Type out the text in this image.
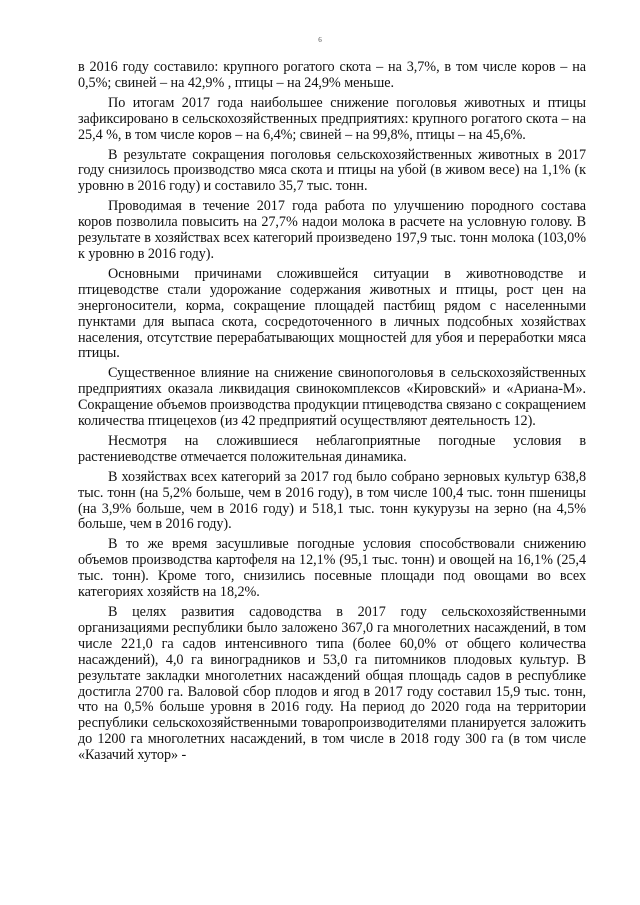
6

в 2016 году составило: крупного рогатого скота – на 3,7%, в том числе коров – на 0,5%; свиней – на 42,9% , птицы – на 24,9% меньше.

По итогам 2017 года наибольшее снижение поголовья животных и птицы зафиксировано в сельскохозяйственных предприятиях: крупного рогатого скота – на 25,4 %, в том числе коров – на 6,4%; свиней – на 99,8%, птицы – на 45,6%.

В результате сокращения поголовья сельскохозяйственных животных в 2017 году снизилось производство мяса скота и птицы на убой (в живом весе) на 1,1% (к уровню в 2016 году) и составило 35,7 тыс. тонн.

Проводимая в течение 2017 года работа по улучшению породного состава коров позволила повысить на 27,7% надои молока в расчете на условную голову. В результате в хозяйствах всех категорий произведено 197,9 тыс. тонн молока (103,0% к уровню в 2016 году).

Основными причинами сложившейся ситуации в животноводстве и птицеводстве стали удорожание содержания животных и птицы, рост цен на энергоносители, корма, сокращение площадей пастбищ рядом с населенными пунктами для выпаса скота, сосредоточенного в личных подсобных хозяйствах населения, отсутствие перерабатывающих мощностей для убоя и переработки мяса птицы.

Существенное влияние на снижение свинопоголовья в сельскохозяйственных предприятиях оказала ликвидация свинокомплексов «Кировский» и «Ариана-М». Сокращение объемов производства продукции птицеводства связано с сокращением количества птицецехов (из 42 предприятий осуществляют деятельность 12).

Несмотря на сложившиеся неблагоприятные погодные условия в растениеводстве отмечается положительная динамика.

В хозяйствах всех категорий за 2017 год было собрано зерновых культур 638,8 тыс. тонн (на 5,2% больше, чем в 2016 году), в том числе 100,4 тыс. тонн пшеницы (на 3,9% больше, чем в 2016 году) и 518,1 тыс. тонн кукурузы на зерно (на 4,5% больше, чем в 2016 году).

В то же время засушливые погодные условия способствовали снижению объемов производства картофеля на 12,1% (95,1 тыс. тонн) и овощей на 16,1% (25,4 тыс. тонн). Кроме того, снизились посевные площади под овощами во всех категориях хозяйств на 18,2%.

В целях развития садоводства в 2017 году сельскохозяйственными организациями республики было заложено 367,0 га многолетних насаждений, в том числе 221,0 га садов интенсивного типа (более 60,0% от общего количества насаждений), 4,0 га виноградников и 53,0 га питомников плодовых культур. В результате закладки многолетних насаждений общая площадь садов в республике достигла 2700 га. Валовой сбор плодов и ягод в 2017 году составил 15,9 тыс. тонн, что на 0,5% больше уровня в 2016 году. На период до 2020 года на территории республики сельскохозяйственными товаропроизводителями планируется заложить до 1200 га многолетних насаждений, в том числе в 2018 году 300 га (в том числе «Казачий хутор» -
